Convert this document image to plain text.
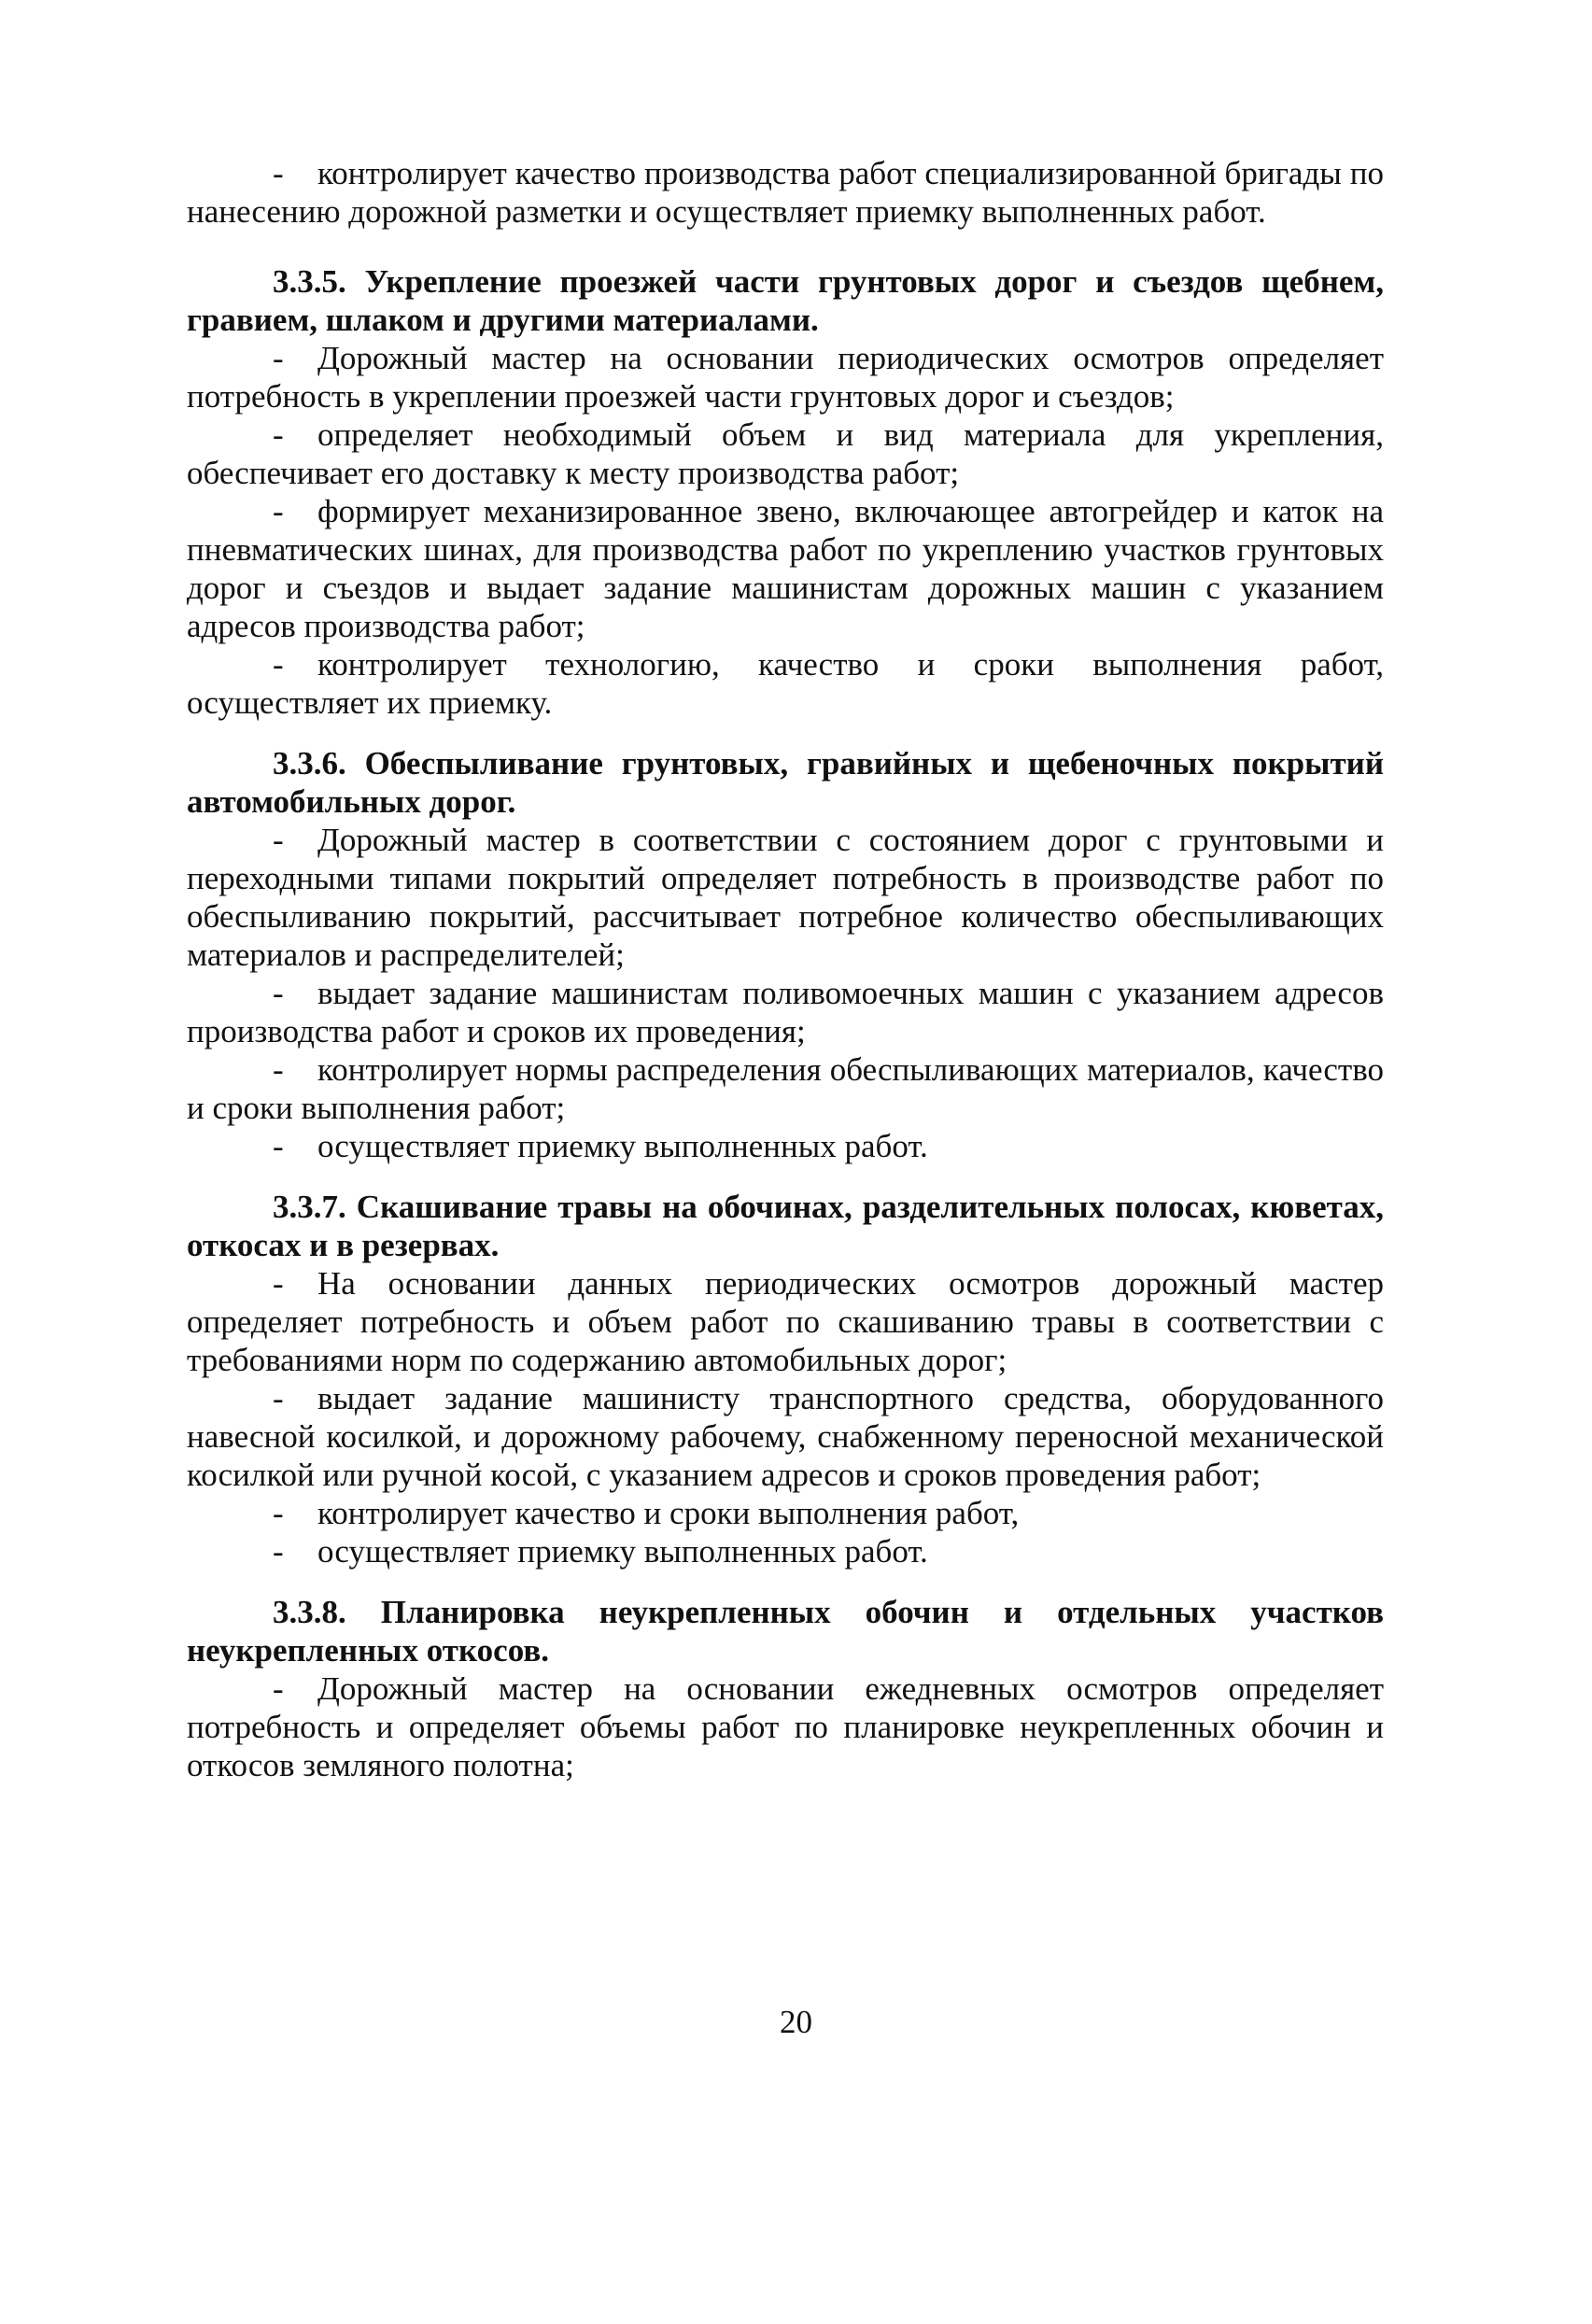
- контролирует качество производства работ специализированной бригады по нанесению дорожной разметки и осуществляет приемку выполненных работ.

3.3.5. Укрепление проезжей части грунтовых дорог и съездов щебнем, гравием, шлаком и другими материалами.

- Дорожный мастер на основании периодических осмотров определяет потребность в укреплении проезжей части грунтовых дорог и съездов;

- определяет необходимый объем и вид материала для укрепления, обеспечивает его доставку к месту производства работ;

- формирует механизированное звено, включающее автогрейдер и каток на пневматических шинах, для производства работ по укреплению участков грунтовых дорог и съездов и выдает задание машинистам дорожных машин с указанием адресов производства работ;

- контролирует технологию, качество и сроки выполнения работ, осуществляет их приемку.

3.3.6. Обеспыливание грунтовых, гравийных и щебеночных покрытий автомобильных дорог.

- Дорожный мастер в соответствии с состоянием дорог с грунтовыми и переходными типами покрытий определяет потребность в производстве работ по обеспыливанию покрытий, рассчитывает потребное количество обеспыливающих материалов и распределителей;

- выдает задание машинистам поливомоечных машин с указанием адресов производства работ и сроков их проведения;

- контролирует нормы распределения обеспыливающих материалов, качество и сроки выполнения работ;

- осуществляет приемку выполненных работ.

3.3.7. Скашивание травы на обочинах, разделительных полосах, кюветах, откосах и в резервах.

- На основании данных периодических осмотров дорожный мастер определяет потребность и объем работ по скашиванию травы в соответствии с требованиями норм по содержанию автомобильных дорог;

- выдает задание машинисту транспортного средства, оборудованного навесной косилкой, и дорожному рабочему, снабженному переносной механической косилкой или ручной косой, с указанием адресов и сроков проведения работ;

- контролирует качество и сроки выполнения работ,

- осуществляет приемку выполненных работ.

3.3.8. Планировка неукрепленных обочин и отдельных участков неукрепленных откосов.

- Дорожный мастер на основании ежедневных осмотров определяет потребность и определяет объемы работ по планировке неукрепленных обочин и откосов земляного полотна;

20
